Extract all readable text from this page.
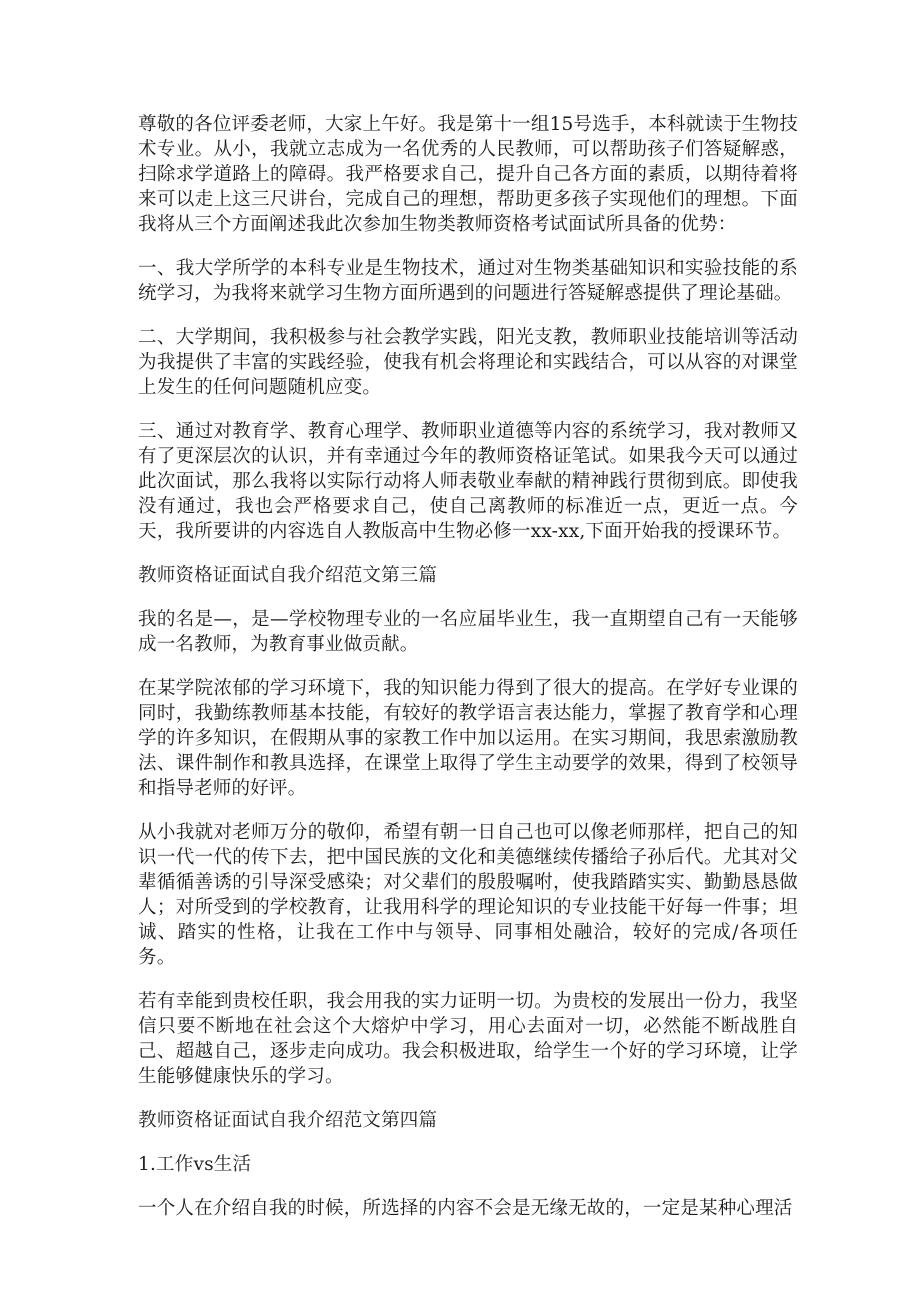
尊敬的各位评委老师，大家上午好。我是第十一组15号选手，本科就读于生物技术专业。从小，我就立志成为一名优秀的人民教师，可以帮助孩子们答疑解惑，扫除求学道路上的障碍。我严格要求自己，提升自己各方面的素质，以期待着将来可以走上这三尺讲台，完成自己的理想，帮助更多孩子实现他们的理想。下面我将从三个方面阐述我此次参加生物类教师资格考试面试所具备的优势：

一、我大学所学的本科专业是生物技术，通过对生物类基础知识和实验技能的系统学习，为我将来就学习生物方面所遇到的问题进行答疑解惑提供了理论基础。

二、大学期间，我积极参与社会教学实践，阳光支教，教师职业技能培训等活动为我提供了丰富的实践经验，使我有机会将理论和实践结合，可以从容的对课堂上发生的任何问题随机应变。

三、通过对教育学、教育心理学、教师职业道德等内容的系统学习，我对教师又有了更深层次的认识，并有幸通过今年的教师资格证笔试。如果我今天可以通过此次面试，那么我将以实际行动将人师表敬业奉献的精神践行贯彻到底。即使我没有通过，我也会严格要求自己，使自己离教师的标准近一点，更近一点。今天，我所要讲的内容选自人教版高中生物必修一xx-xx,下面开始我的授课环节。

教师资格证面试自我介绍范文第三篇

我的名是—，是—学校物理专业的一名应届毕业生，我一直期望自己有一天能够成一名教师，为教育事业做贡献。

在某学院浓郁的学习环境下，我的知识能力得到了很大的提高。在学好专业课的同时，我勤练教师基本技能，有较好的教学语言表达能力，掌握了教育学和心理学的许多知识，在假期从事的家教工作中加以运用。在实习期间，我思索激励教法、课件制作和教具选择，在课堂上取得了学生主动要学的效果，得到了校领导和指导老师的好评。

从小我就对老师万分的敬仰，希望有朝一日自己也可以像老师那样，把自己的知识一代一代的传下去，把中国民族的文化和美德继续传播给子孙后代。尤其对父辈循循善诱的引导深受感染；对父辈们的殷殷嘱咐，使我踏踏实实、勤勤恳恳做人；对所受到的学校教育，让我用科学的理论知识的专业技能干好每一件事；坦诚、踏实的性格，让我在工作中与领导、同事相处融洽，较好的完成/各项任务。

若有幸能到贵校任职，我会用我的实力证明一切。为贵校的发展出一份力，我坚信只要不断地在社会这个大熔炉中学习，用心去面对一切，必然能不断战胜自己、超越自己，逐步走向成功。我会积极进取，给学生一个好的学习环境，让学生能够健康快乐的学习。

教师资格证面试自我介绍范文第四篇

1.工作vs生活

一个人在介绍自我的时候，所选择的内容不会是无缘无故的，一定是某种心理活
